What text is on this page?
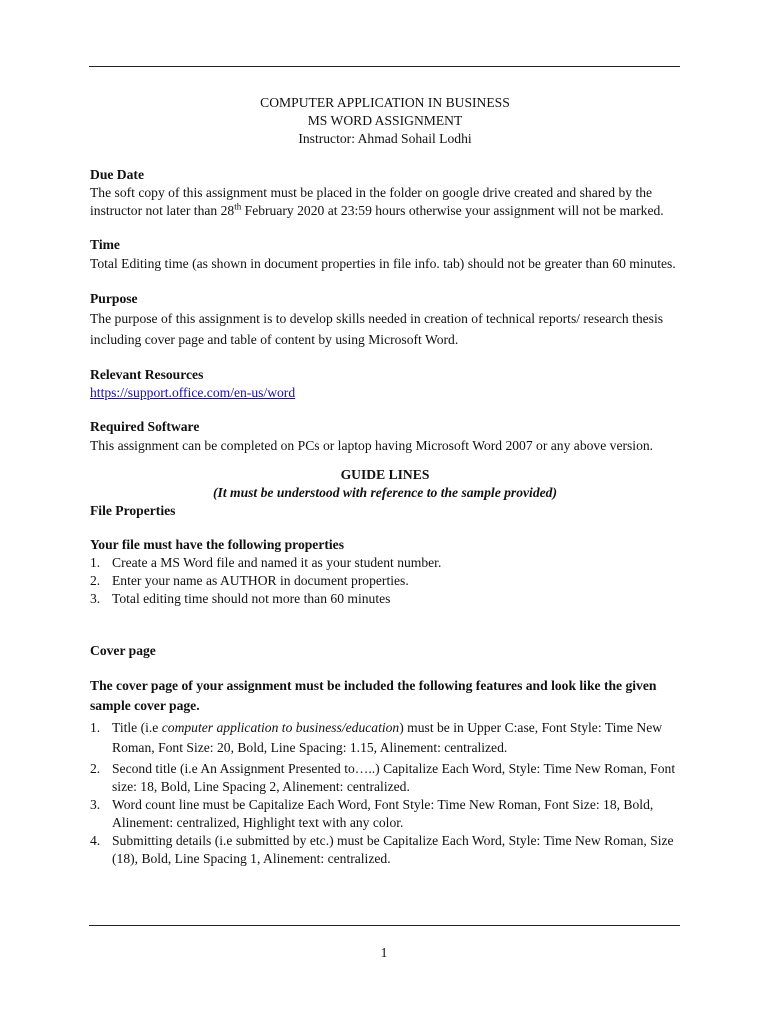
COMPUTER APPLICATION IN BUSINESS

MS WORD ASSIGNMENT

Instructor: Ahmad Sohail Lodhi

Due Date

The soft copy of this assignment must be placed in the folder on google drive created and shared by the instructor not later than 28th February 2020 at 23:59 hours otherwise your assignment will not be marked.

Time

Total Editing time (as shown in document properties in file info. tab) should not be greater than 60 minutes.

Purpose

The purpose of this assignment is to develop skills needed in creation of technical reports/ research thesis including cover page and table of content by using Microsoft Word.

Relevant Resources

https://support.office.com/en-us/word

Required Software

This assignment can be completed on PCs or laptop having Microsoft Word 2007 or any above version.

GUIDE LINES

(It must be understood with reference to the sample provided)

File Properties

Your file must have the following properties

1. Create a MS Word file and named it as your student number.
2. Enter your name as AUTHOR in document properties.
3. Total editing time should not more than 60 minutes

Cover page

The cover page of your assignment must be included the following features and look like the given sample cover page.

1. Title (i.e computer application to business/education) must be in Upper C:ase, Font Style: Time New Roman, Font Size: 20, Bold, Line Spacing: 1.15, Alinement: centralized.
2. Second title (i.e An Assignment Presented to…..) Capitalize Each Word, Style: Time New Roman, Font size: 18, Bold, Line Spacing 2, Alinement: centralized.
3. Word count line must be Capitalize Each Word, Font Style: Time New Roman, Font Size: 18, Bold, Alinement: centralized, Highlight text with any color.
4. Submitting details (i.e submitted by etc.) must be Capitalize Each Word, Style: Time New Roman, Size (18), Bold, Line Spacing 1, Alinement: centralized.
1
